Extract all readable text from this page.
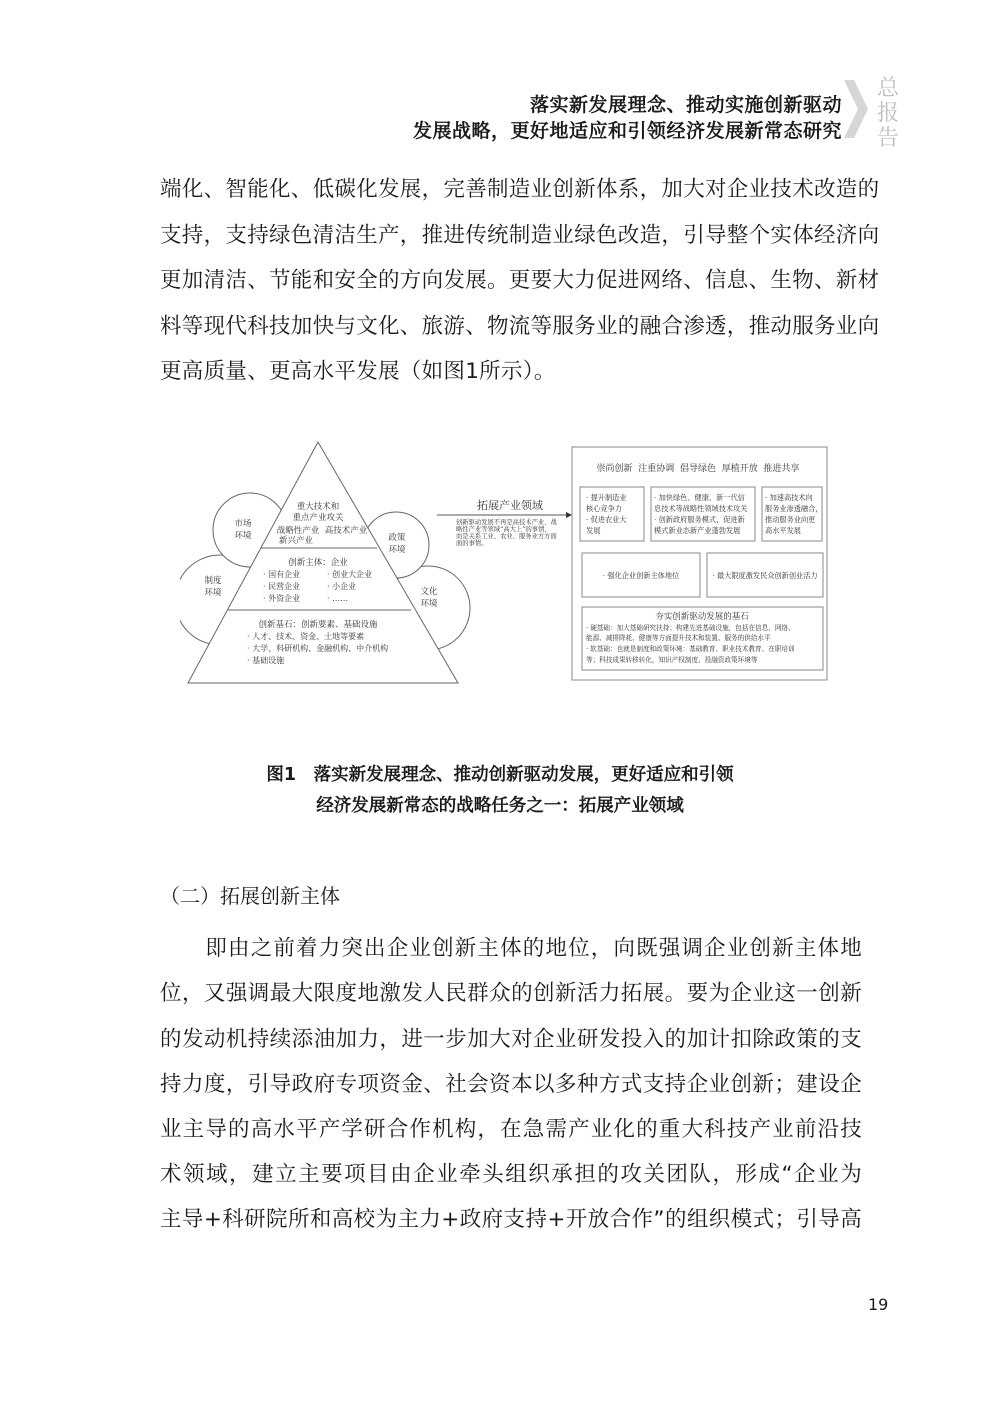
落实新发展理念、推动实施创新驱动
发展战略，更好地适应和引领经济发展新常态研究
总
报
告
端化、智能化、低碳化发展，完善制造业创新体系，加大对企业技术改造的
支持，支持绿色清洁生产，推进传统制造业绿色改造，引导整个实体经济向
更加清洁、节能和安全的方向发展。更要大力促进网络、信息、生物、新材
料等现代科技加快与文化、旅游、物流等服务业的融合渗透，推动服务业向
更高质量、更高水平发展（如图1所示）。
重大技术和
重点产业攻关
战略性产业  高技术产业
新兴产业
市场
环境	政策
环境
制度
环境	文化
环境
创新主体：企业
创新基石：创新要素、基础设施
· 国有企业
· 民营企业
· 外资企业
· 创业大企业
· 小企业
· ……
· 人才、技术、资金、土地等要素
· 大学、科研机构、金融机构、中介机构
· 基础设施
拓展产业领域
创新驱动发展不再是高技术产业、战
略性产业等领域“高大上”的事情，
而是关系工业、农业、服务业方方面
面的事情。
崇尚创新  注重协调  倡导绿色  厚植开放  推进共享
· 提升制造业
核心竞争力
· 促进农业大
发展
· 加快绿色、健康、新一代信
息技术等战略性领域技术攻关
· 创新政府服务模式，促进新
模式新业态新产业蓬勃发展
· 加速高技术向
服务业渗透融合，
推动服务业向更
高水平发展
· 强化企业创新主体地位	· 最大限度激发民众创新创业活力
夯实创新驱动发展的基石
· 硬基础：加大基础研究扶持；构建先进基础设施，包括在信息、网络、
能源、减排降耗、健康等方面提升技术和装置、服务的供给水平
· 软基础：也就是制度和政策环境：基础教育、职业技术教育、在职培训
等；科技成果转移转化，知识产权制度、投融资政策环境等
图1　落实新发展理念、推动创新驱动发展，更好适应和引领
经济发展新常态的战略任务之一：拓展产业领域
（二）拓展创新主体
　　即由之前着力突出企业创新主体的地位，向既强调企业创新主体地
位，又强调最大限度地激发人民群众的创新活力拓展。要为企业这一创新
的发动机持续添油加力，进一步加大对企业研发投入的加计扣除政策的支
持力度，引导政府专项资金、社会资本以多种方式支持企业创新；建设企
业主导的高水平产学研合作机构，在急需产业化的重大科技产业前沿技
术领域，建立主要项目由企业牵头组织承担的攻关团队，形成“企业为
主导+科研院所和高校为主力+政府支持+开放合作”的组织模式；引导高
19
